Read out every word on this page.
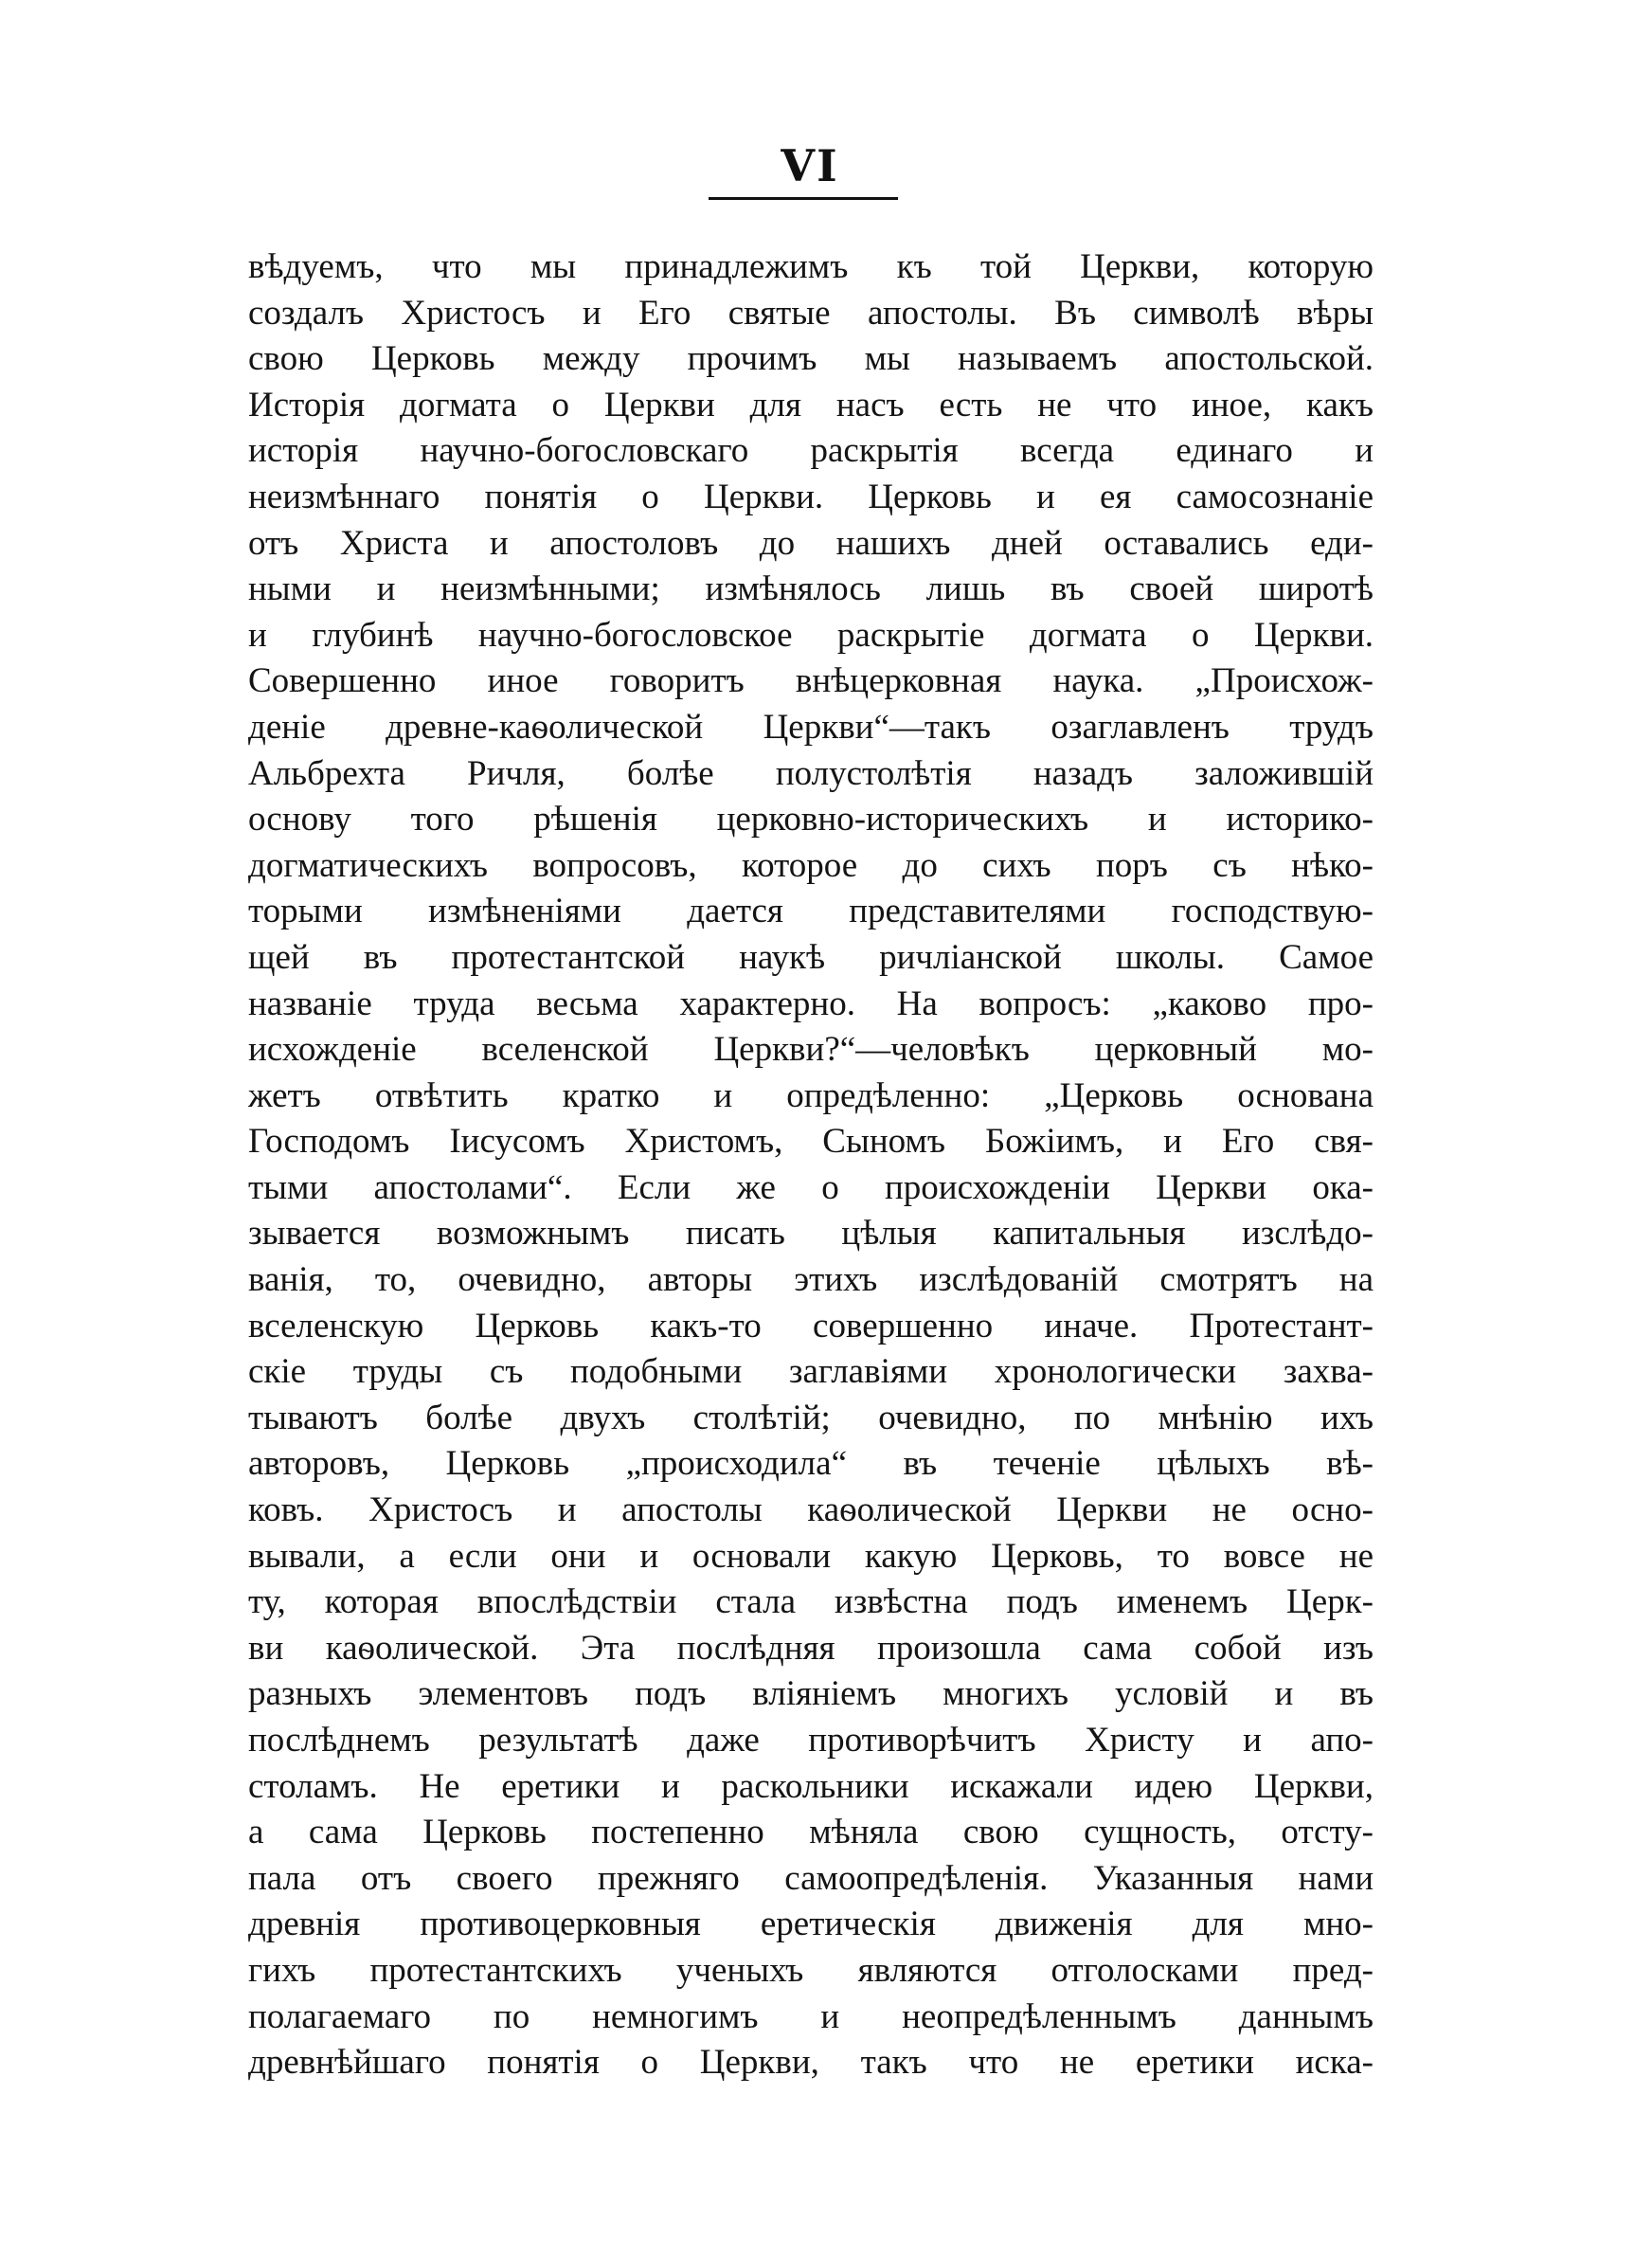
VI
вѣдуемъ, что мы принадлежимъ къ той Церкви, которую
создалъ Христосъ и Его святые апостолы. Въ символѣ вѣры
свою Церковь между прочимъ мы называемъ апостольской.
Исторія догмата о Церкви для насъ есть не что иное, какъ
исторія научно-богословскаго раскрытія всегда единаго и
неизмѣннаго понятія о Церкви. Церковь и ея самосознаніе
отъ Христа и апостоловъ до нашихъ дней оставались еди-
ными и неизмѣнными; измѣнялось лишь въ своей широтѣ
и глубинѣ научно-богословское раскрытіе догмата о Церкви.
Совершенно иное говоритъ внѣцерковная наука. „Происхож-
деніе древне-каѳолической Церкви“—такъ озаглавленъ трудъ
Альбрехта Ричля, болѣе полустолѣтія назадъ заложившій
основу того рѣшенія церковно-историческихъ и историко-
догматическихъ вопросовъ, которое до сихъ поръ съ нѣко-
торыми измѣненіями дается представителями господствую-
щей въ протестантской наукѣ ричліанской школы. Самое
названіе труда весьма характерно. На вопросъ: „каково про-
исхожденіе вселенской Церкви?“—человѣкъ церковный мо-
жетъ отвѣтить кратко и опредѣленно: „Церковь основана
Господомъ Іисусомъ Христомъ, Сыномъ Божіимъ, и Его свя-
тыми апостолами“. Если же о происхожденіи Церкви ока-
зывается возможнымъ писать цѣлыя капитальныя изслѣдо-
ванія, то, очевидно, авторы этихъ изслѣдованій смотрятъ на
вселенскую Церковь какъ-то совершенно иначе. Протестант-
скіе труды съ подобными заглавіями хронологически захва-
тываютъ болѣе двухъ столѣтій; очевидно, по мнѣнію ихъ
авторовъ, Церковь „происходила“ въ теченіе цѣлыхъ вѣ-
ковъ. Христосъ и апостолы каѳолической Церкви не осно-
вывали, а если они и основали какую Церковь, то вовсе не
ту, которая впослѣдствіи стала извѣстна подъ именемъ Церк-
ви каѳолической. Эта послѣдняя произошла сама собой изъ
разныхъ элементовъ подъ вліяніемъ многихъ условій и въ
послѣднемъ результатѣ даже противорѣчитъ Христу и апо-
столамъ. Не еретики и раскольники искажали идею Церкви,
а сама Церковь постепенно мѣняла свою сущность, отсту-
пала отъ своего прежняго самоопредѣленія. Указанныя нами
древнія противоцерковныя еретическія движенія для мно-
гихъ протестантскихъ ученыхъ являются отголосками пред-
полагаемаго по немногимъ и неопредѣленнымъ даннымъ
древнѣйшаго понятія о Церкви, такъ что не еретики иска-
